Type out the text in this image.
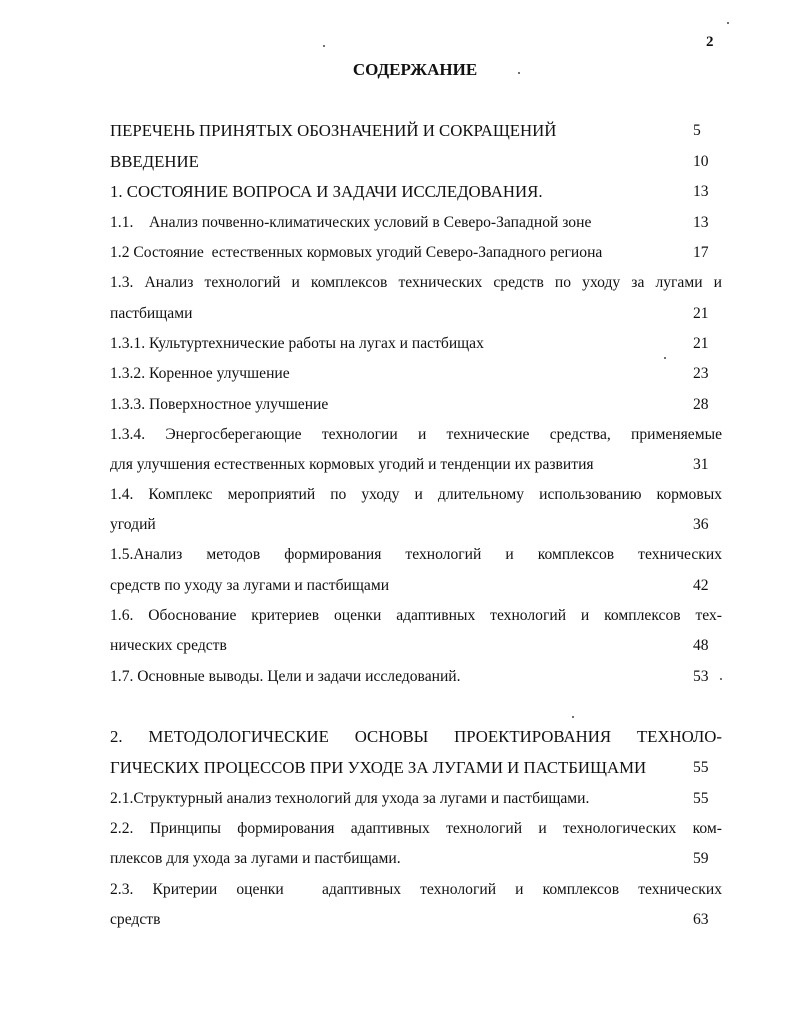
2
СОДЕРЖАНИЕ
ПЕРЕЧЕНЬ ПРИНЯТЫХ ОБОЗНАЧЕНИЙ И СОКРАЩЕНИЙ	5
ВВЕДЕНИЕ	10
1. СОСТОЯНИЕ ВОПРОСА И ЗАДАЧИ ИССЛЕДОВАНИЯ.	13
1.1.    Анализ почвенно-климатических условий в Северо-Западной зоне	13
1.2 Состояние  естественных кормовых угодий Северо-Западного региона	17
1.3. Анализ технологий и комплексов технических средств по уходу за лугами и
пастбищами	21
1.3.1. Культуртехнические работы на лугах и пастбищах	21
1.3.2. Коренное улучшение	23
1.3.3. Поверхностное улучшение	28
1.3.4. Энергосберегающие технологии и технические средства, применяемые
для улучшения естественных кормовых угодий и тенденции их развития	31
1.4. Комплекс мероприятий по уходу и длительному использованию кормовых
угодий	36
1.5.Анализ методов формирования технологий и комплексов технических
средств по уходу за лугами и пастбищами	42
1.6. Обоснование критериев оценки адаптивных технологий и комплексов тех-
нических средств	48
1.7. Основные выводы. Цели и задачи исследований.	53
2. МЕТОДОЛОГИЧЕСКИЕ ОСНОВЫ ПРОЕКТИРОВАНИЯ ТЕХНОЛО-
ГИЧЕСКИХ ПРОЦЕССОВ ПРИ УХОДЕ ЗА ЛУГАМИ И ПАСТБИЩАМИ	55
2.1.Структурный анализ технологий для ухода за лугами и пастбищами.	55
2.2. Принципы формирования адаптивных технологий и технологических ком-
плексов для ухода за лугами и пастбищами.	59
2.3. Критерии оценки  адаптивных технологий и комплексов технических
средств	63
